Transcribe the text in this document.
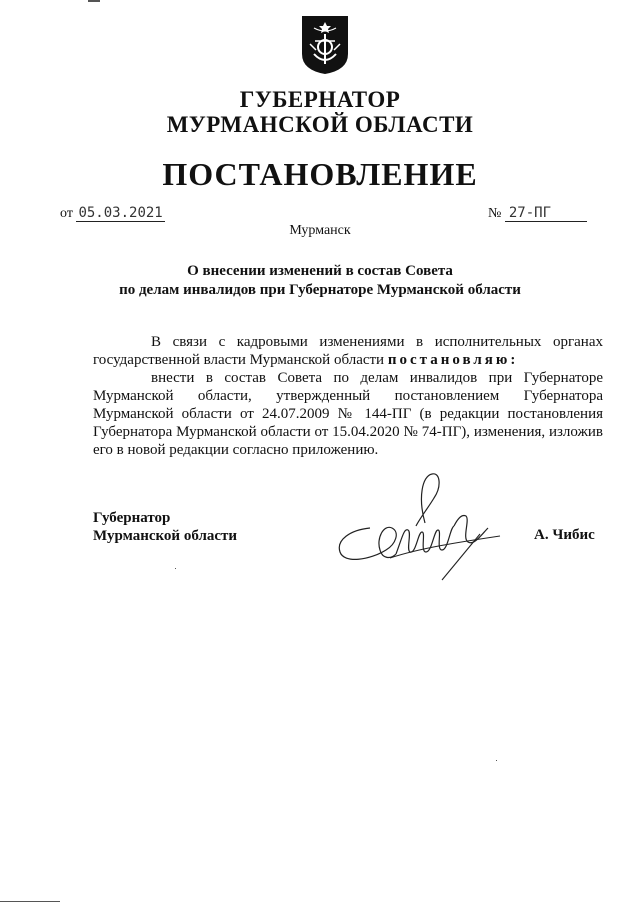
ГУБЕРНАТОР
МУРМАНСКОЙ ОБЛАСТИ
ПОСТАНОВЛЕНИЕ
от 05.03.2021	№ 27-ПГ
Мурманск
О внесении изменений в состав Совета
по делам инвалидов при Губернаторе Мурманской области
В связи с кадровыми изменениями в исполнительных органах государственной власти Мурманской области постановляю:
внести в состав Совета по делам инвалидов при Губернаторе Мурманской области, утвержденный постановлением Губернатора Мурманской области от 24.07.2009 № 144-ПГ (в редакции постановления Губернатора Мурманской области от 15.04.2020 № 74-ПГ), изменения, изложив его в новой редакции согласно приложению.
Губернатор
Мурманской области	А. Чибис
